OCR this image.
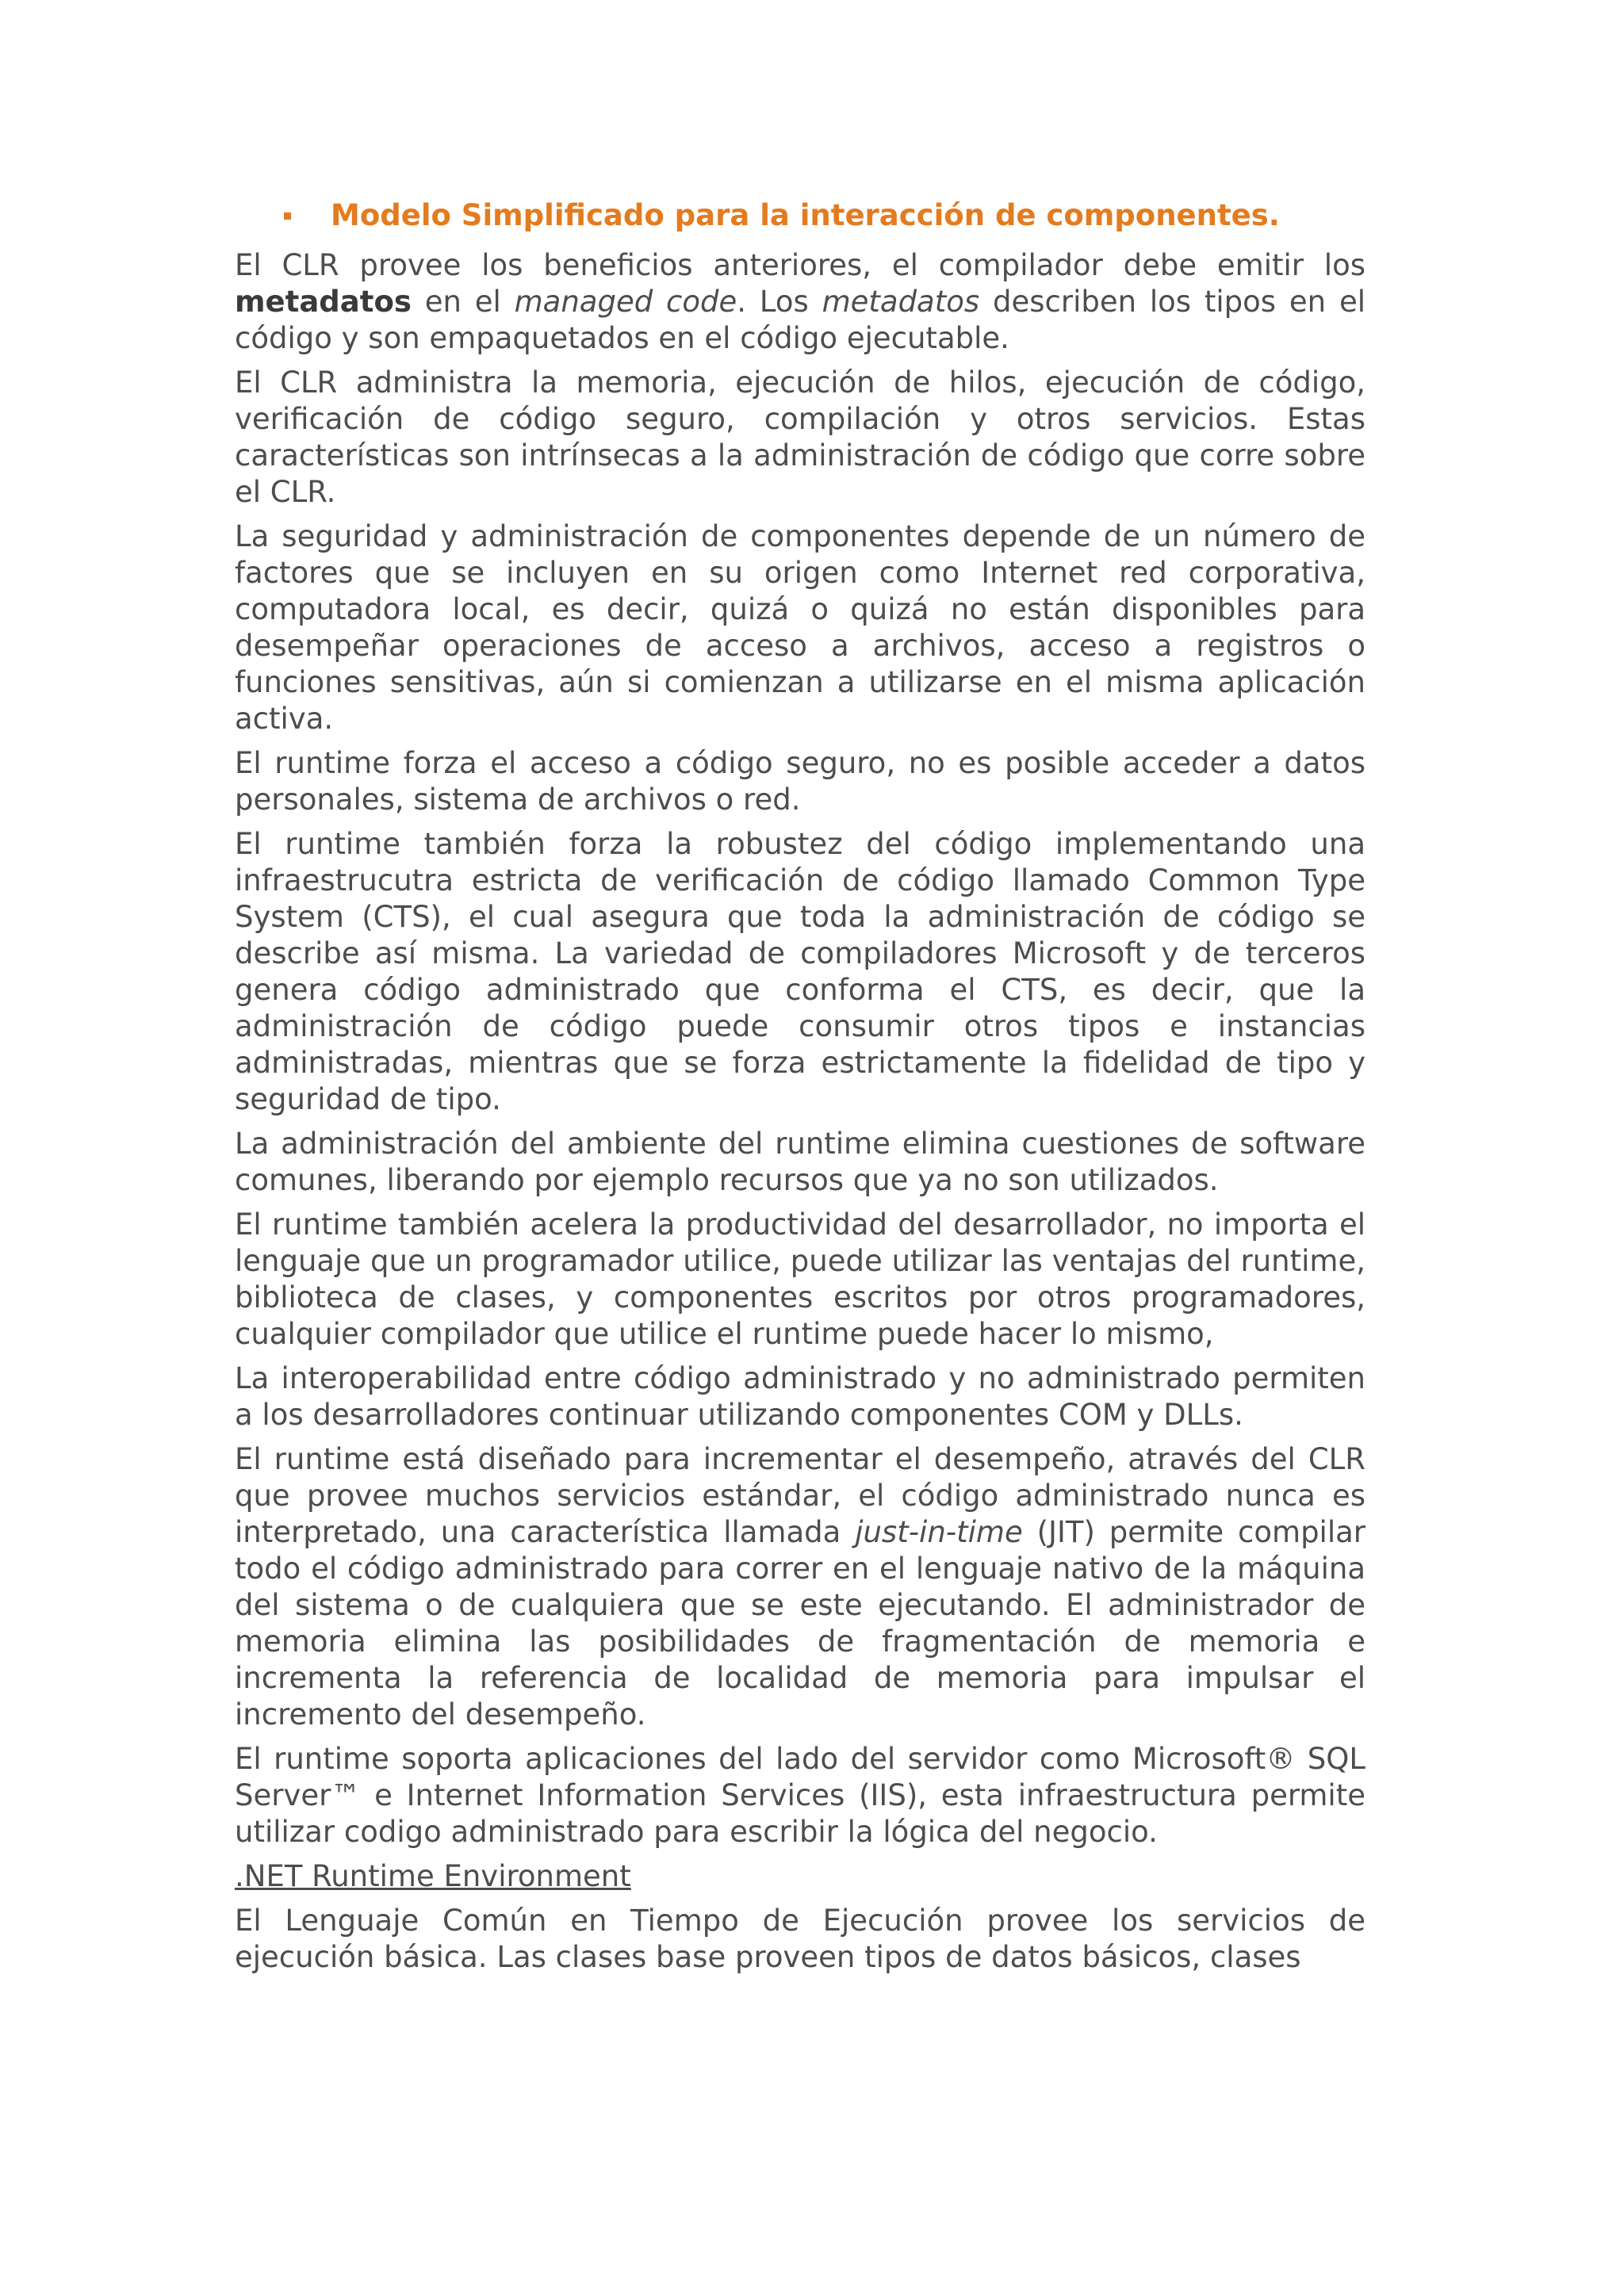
Modelo Simplificado para la interacción de componentes.

El CLR provee los beneficios anteriores, el compilador debe emitir los metadatos en el managed code. Los metadatos describen los tipos en el código y son empaquetados en el código ejecutable.

El CLR administra la memoria, ejecución de hilos, ejecución de código, verificación de código seguro, compilación y otros servicios. Estas características son intrínsecas a la administración de código que corre sobre el CLR.

La seguridad y administración de componentes depende de un número de factores que se incluyen en su origen como Internet red corporativa, computadora local, es decir, quizá o quizá no están disponibles para desempeñar operaciones de acceso a archivos, acceso a registros o funciones sensitivas, aún si comienzan a utilizarse en el misma aplicación activa.

El runtime forza el acceso a código seguro, no es posible acceder a datos personales, sistema de archivos o red.

El runtime también forza la robustez del código implementando una infraestrucutra estricta de verificación de código llamado Common Type System (CTS), el cual asegura que toda la administración de código se describe así misma. La variedad de compiladores Microsoft y de terceros genera código administrado que conforma el CTS, es decir, que la administración de código puede consumir otros tipos e instancias administradas, mientras que se forza estrictamente la fidelidad de tipo y seguridad de tipo.

La administración del ambiente del runtime elimina cuestiones de software comunes, liberando por ejemplo recursos que ya no son utilizados.

El runtime también acelera la productividad del desarrollador, no importa el lenguaje que un programador utilice, puede utilizar las ventajas del runtime, biblioteca de clases, y componentes escritos por otros programadores, cualquier compilador que utilice el runtime puede hacer lo mismo,

La interoperabilidad entre código administrado y no administrado permiten a los desarrolladores continuar utilizando componentes COM y DLLs.

El runtime está diseñado para incrementar el desempeño, através del CLR que provee muchos servicios estándar, el código administrado nunca es interpretado, una característica llamada just-in-time (JIT) permite compilar todo el código administrado para correr en el lenguaje nativo de la máquina del sistema o de cualquiera que se este ejecutando. El administrador de memoria elimina las posibilidades de fragmentación de memoria e incrementa la referencia de localidad de memoria para impulsar el incremento del desempeño.

El runtime soporta aplicaciones del lado del servidor como Microsoft® SQL Server™ e Internet Information Services (IIS), esta infraestructura permite utilizar codigo administrado para escribir la lógica del negocio.

.NET Runtime Environment

El Lenguaje Común en Tiempo de Ejecución provee los servicios de ejecución básica. Las clases base proveen tipos de datos básicos, clases
